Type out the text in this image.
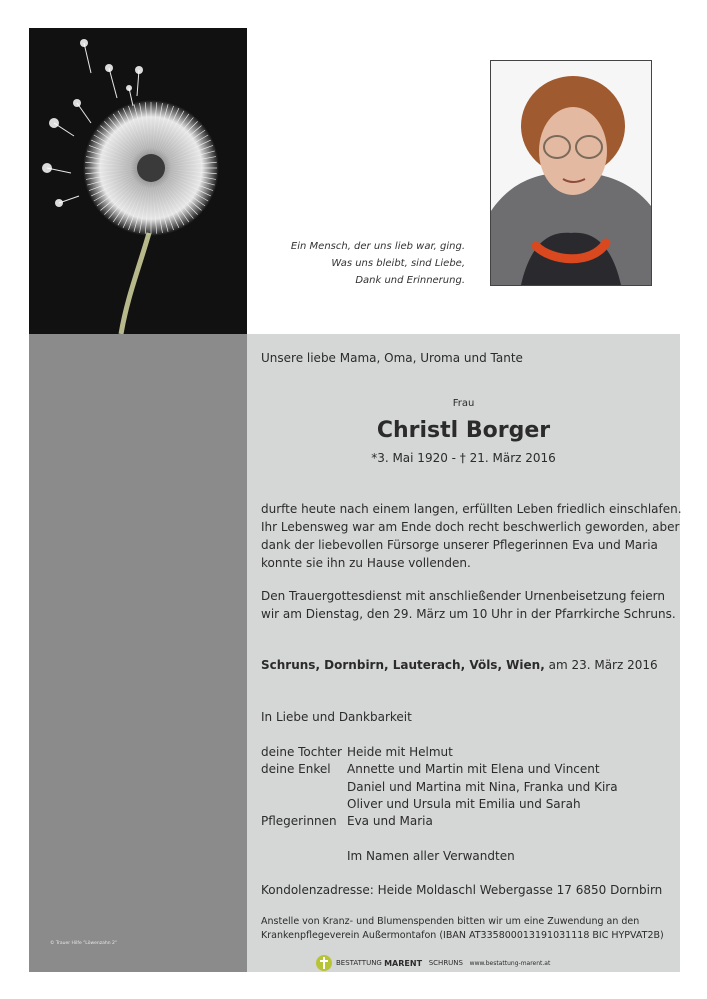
© Trauer Hilfe "Löwenzahn 2"
Ein Mensch, der uns lieb war, ging.
Was uns bleibt, sind Liebe,
Dank und Erinnerung.
Unsere liebe Mama, Oma, Uroma und Tante
Frau
Christl Borger
*3. Mai 1920 - † 21. März 2016
durfte heute nach einem langen, erfüllten Leben friedlich einschlafen.
Ihr Lebensweg war am Ende doch recht beschwerlich geworden, aber
dank der liebevollen Fürsorge unserer Pflegerinnen Eva und Maria
konnte sie ihn zu Hause vollenden.
Den Trauergottesdienst mit anschließender Urnenbeisetzung feiern
wir am Dienstag, den 29. März um 10 Uhr in der Pfarrkirche Schruns.
Schruns, Dornbirn, Lauterach, Völs, Wien, am 23. März 2016
In Liebe und Dankbarkeit
deine Tochter Heide mit Helmut
deine Enkel Annette und Martin mit Elena und Vincent
Daniel und Martina mit Nina, Franka und Kira
Oliver und Ursula mit Emilia und Sarah
Pflegerinnen Eva und Maria
Im Namen aller Verwandten
Kondolenzadresse: Heide Moldaschl Webergasse 17 6850 Dornbirn
Anstelle von Kranz- und Blumenspenden bitten wir um eine Zuwendung an den
Krankenpflegeverein Außermontafon (IBAN AT335800013191031118 BIC HYPVAT2B)
BESTATTUNG
MARENT
SCHRUNS
www.bestattung-marent.at
